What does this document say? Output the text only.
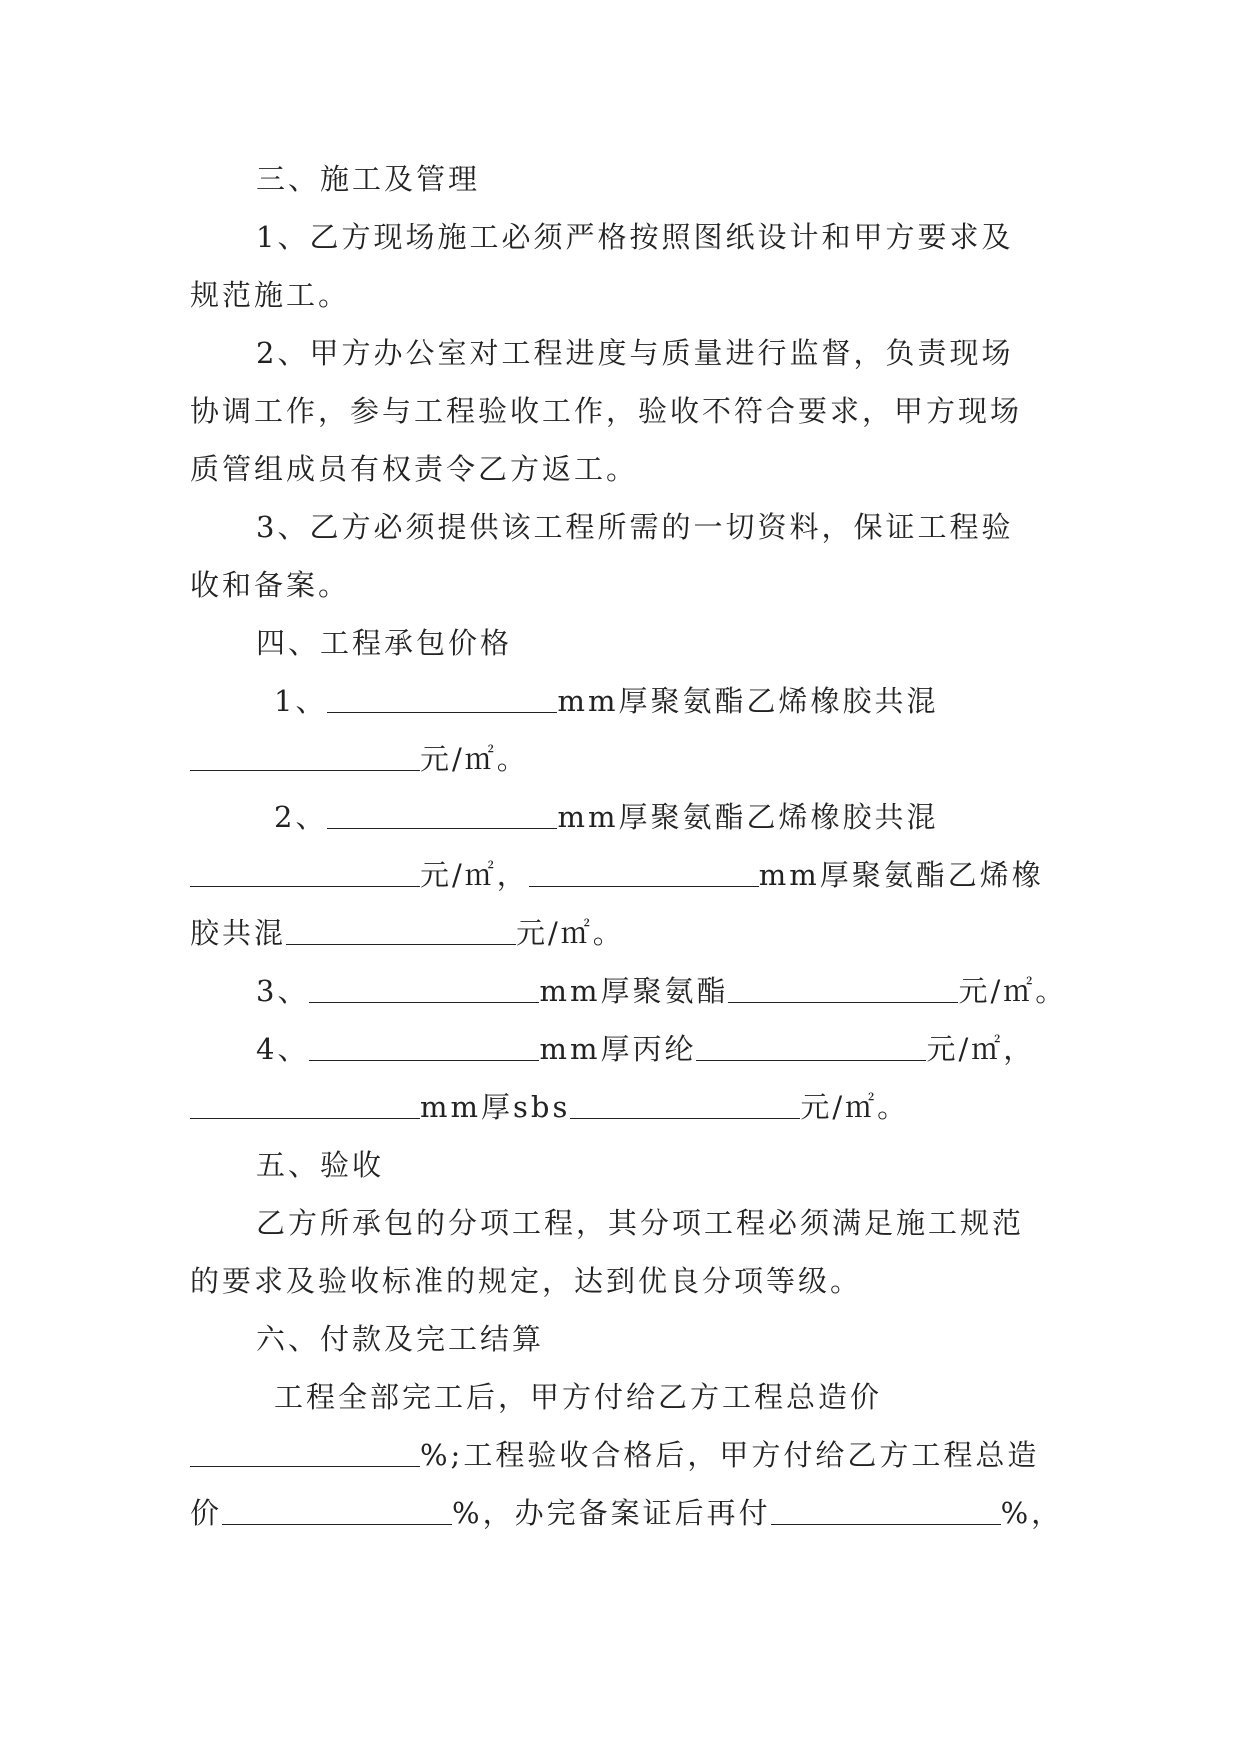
三、施工及管理
1、乙方现场施工必须严格按照图纸设计和甲方要求及
规范施工。
2、甲方办公室对工程进度与质量进行监督，负责现场
协调工作，参与工程验收工作，验收不符合要求，甲方现场
质管组成员有权责令乙方返工。
3、乙方必须提供该工程所需的一切资料，保证工程验
收和备案。
四、工程承包价格
1、	mm厚聚氨酯乙烯橡胶共混
元/㎡。
2、	mm厚聚氨酯乙烯橡胶共混
元/㎡，	mm厚聚氨酯乙烯橡
胶共混	元/㎡。
3、	mm厚聚氨酯	元/㎡。
4、	mm厚丙纶	元/㎡，
mm厚sbs	元/㎡。
五、验收
乙方所承包的分项工程，其分项工程必须满足施工规范
的要求及验收标准的规定，达到优良分项等级。
六、付款及完工结算
工程全部完工后，甲方付给乙方工程总造价
%;工程验收合格后，甲方付给乙方工程总造
价	%，办完备案证后再付	%，
